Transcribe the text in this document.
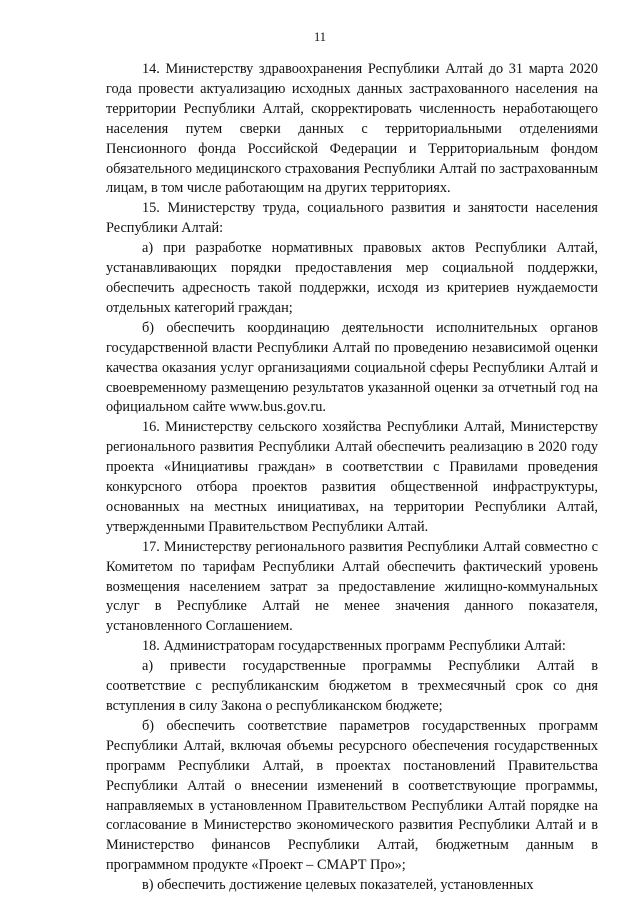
11

14. Министерству здравоохранения Республики Алтай до 31 марта 2020 года провести актуализацию исходных данных застрахованного населения на территории Республики Алтай, скорректировать численность неработающего населения путем сверки данных с территориальными отделениями Пенсионного фонда Российской Федерации и Территориальным фондом обязательного медицинского страхования Республики Алтай по застрахованным лицам, в том числе работающим на других территориях.

15. Министерству труда, социального развития и занятости населения Республики Алтай:

а) при разработке нормативных правовых актов Республики Алтай, устанавливающих порядки предоставления мер социальной поддержки, обеспечить адресность такой поддержки, исходя из критериев нуждаемости отдельных категорий граждан;

б) обеспечить координацию деятельности исполнительных органов государственной власти Республики Алтай по проведению независимой оценки качества оказания услуг организациями социальной сферы Республики Алтай и своевременному размещению результатов указанной оценки за отчетный год на официальном сайте www.bus.gov.ru.

16. Министерству сельского хозяйства Республики Алтай, Министерству регионального развития Республики Алтай обеспечить реализацию в 2020 году проекта «Инициативы граждан» в соответствии с Правилами проведения конкурсного отбора проектов развития общественной инфраструктуры, основанных на местных инициативах, на территории Республики Алтай, утвержденными Правительством Республики Алтай.

17. Министерству регионального развития Республики Алтай совместно с Комитетом по тарифам Республики Алтай обеспечить фактический уровень возмещения населением затрат за предоставление жилищно-коммунальных услуг в Республике Алтай не менее значения данного показателя, установленного Соглашением.

18. Администраторам государственных программ Республики Алтай:

а) привести государственные программы Республики Алтай в соответствие с республиканским бюджетом в трехмесячный срок со дня вступления в силу Закона о республиканском бюджете;

б) обеспечить соответствие параметров государственных программ Республики Алтай, включая объемы ресурсного обеспечения государственных программ Республики Алтай, в проектах постановлений Правительства Республики Алтай о внесении изменений в соответствующие программы, направляемых в установленном Правительством Республики Алтай порядке на согласование в Министерство экономического развития Республики Алтай и в Министерство финансов Республики Алтай, бюджетным данным в программном продукте «Проект – СМАРТ Про»;

в) обеспечить достижение целевых показателей, установленных
